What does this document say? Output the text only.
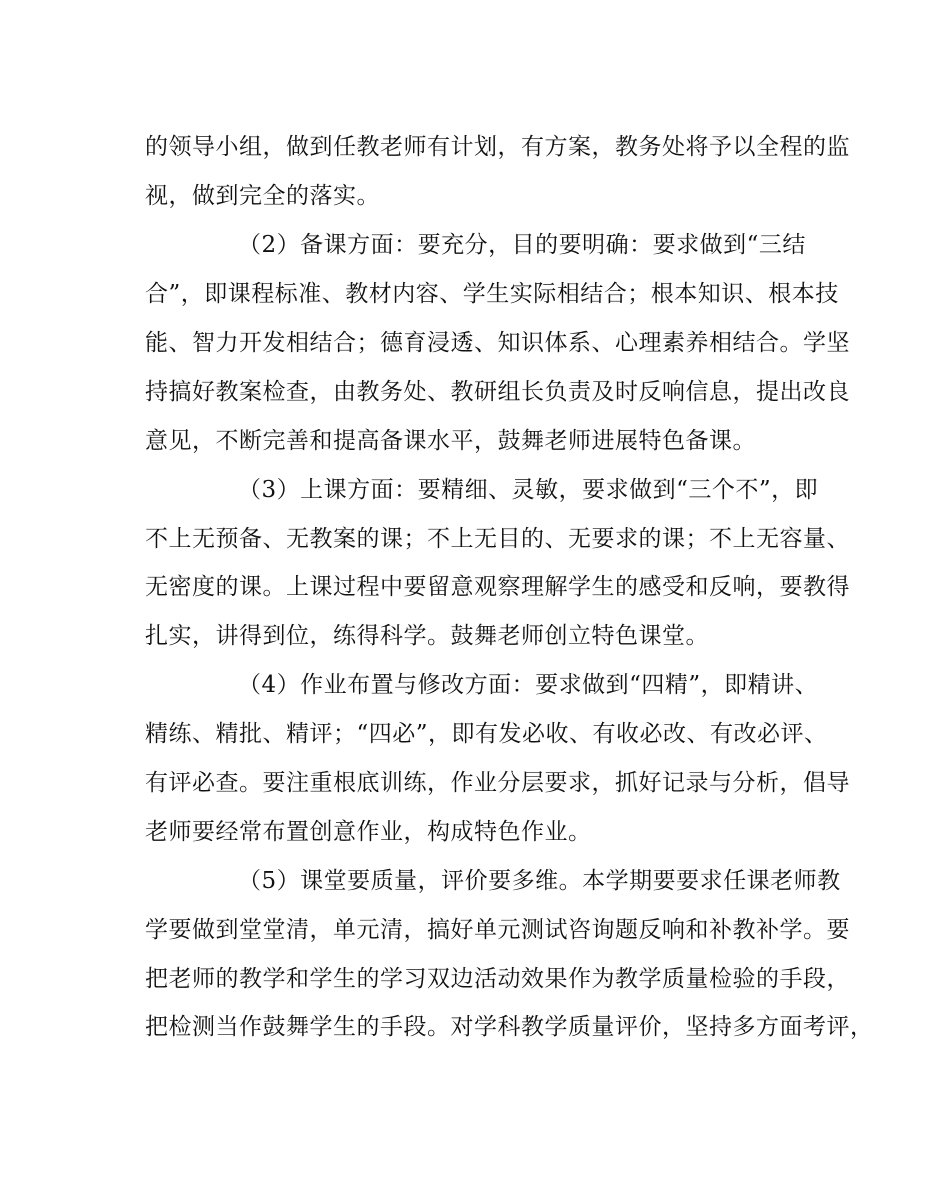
的领导小组，做到任教老师有计划，有方案，教务处将予以全程的监
视，做到完全的落实。
（2）备课方面：要充分，目的要明确：要求做到“三结
合”，即课程标准、教材内容、学生实际相结合；根本知识、根本技
能、智力开发相结合；德育浸透、知识体系、心理素养相结合。学坚
持搞好教案检查，由教务处、教研组长负责及时反响信息，提出改良
意见，不断完善和提高备课水平，鼓舞老师进展特色备课。
（3）上课方面：要精细、灵敏，要求做到“三个不”，即
不上无预备、无教案的课；不上无目的、无要求的课；不上无容量、
无密度的课。上课过程中要留意观察理解学生的感受和反响，要教得
扎实，讲得到位，练得科学。鼓舞老师创立特色课堂。
（4）作业布置与修改方面：要求做到“四精”，即精讲、
精练、精批、精评；“四必”，即有发必收、有收必改、有改必评、
有评必查。要注重根底训练，作业分层要求，抓好记录与分析，倡导
老师要经常布置创意作业，构成特色作业。
（5）课堂要质量，评价要多维。本学期要要求任课老师教
学要做到堂堂清，单元清，搞好单元测试咨询题反响和补教补学。要
把老师的教学和学生的学习双边活动效果作为教学质量检验的手段，
把检测当作鼓舞学生的手段。对学科教学质量评价，坚持多方面考评，
